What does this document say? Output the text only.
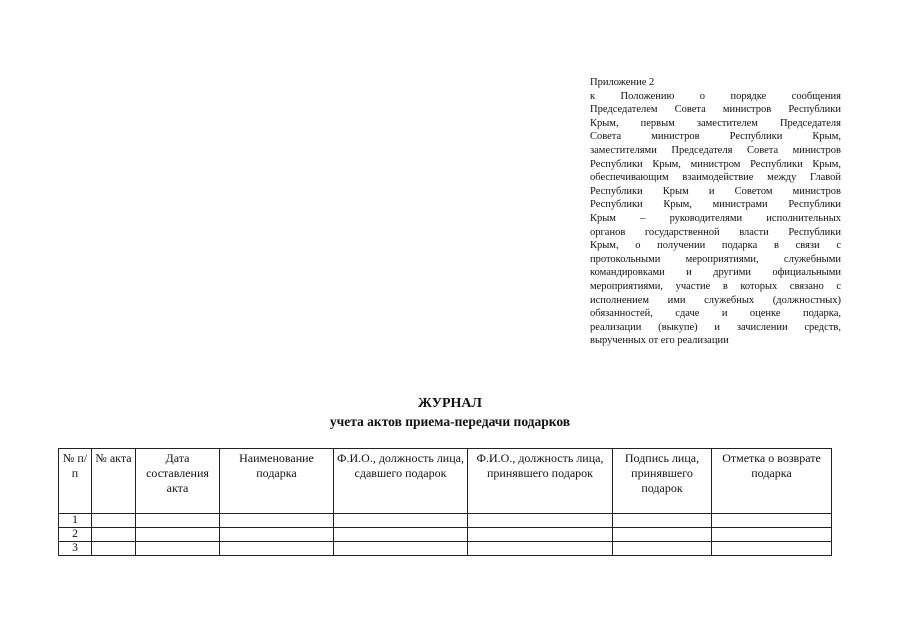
Приложение 2
к Положению о порядке сообщения
Председателем Совета министров Республики
Крым, первым заместителем Председателя
Совета министров Республики Крым,
заместителями Председателя Совета министров
Республики Крым, министром Республики Крым,
обеспечивающим взаимодействие между Главой
Республики Крым и Советом министров
Республики Крым, министрами Республики
Крым – руководителями исполнительных
органов государственной власти Республики
Крым, о получении подарка в связи с
протокольными мероприятиями, служебными
командировками и другими официальными
мероприятиями, участие в которых связано с
исполнением ими служебных (должностных)
обязанностей, сдаче и оценке подарка,
реализации (выкупе) и зачислении средств,
вырученных от его реализации
ЖУРНАЛ
учета актов приема-передачи подарков
№ п/п	№ акта	Дата составления акта	Наименование подарка	Ф.И.О., должность лица, сдавшего подарок	Ф.И.О., должность лица, принявшего подарок	Подпись лица, принявшего подарок	Отметка о возврате подарка
1							
2							
3							
